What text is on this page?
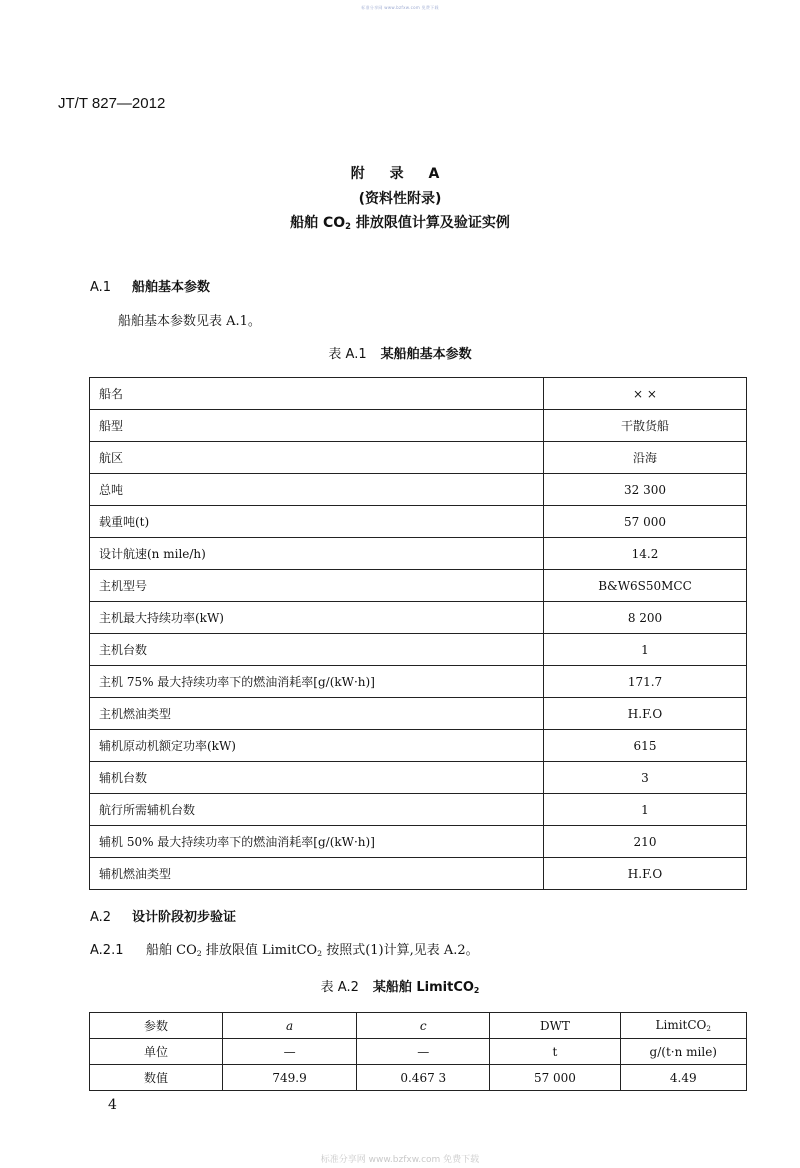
标准分享网 www.bzfxw.com 免费下载
JT/T 827—2012
附 录 A
(资料性附录)
船舶 $CO_2$ 排放限值计算及验证实例
A.1 船舶基本参数
船舶基本参数见表 A.1。
表 A.1 某船舶基本参数
船名	× ×
船型	干散货船
航区	沿海
总吨	32 300
载重吨(t)	57 000
设计航速(n mile/h)	14.2
主机型号	B&W6S50MCC
主机最大持续功率(kW)	8 200
主机台数	1
主机 75% 最大持续功率下的燃油消耗率[g/(kW·h)]	171.7
主机燃油类型	H.F.O
辅机原动机额定功率(kW)	615
辅机台数	3
航行所需辅机台数	1
辅机 50% 最大持续功率下的燃油消耗率[g/(kW·h)]	210
辅机燃油类型	H.F.O
A.2 设计阶段初步验证
A.2.1 船舶 $CO_2$ 排放限值 LimitCO$_2$ 按照式(1)计算,见表 A.2。
表 A.2 某船舶 LimitCO$_2$
参数	a	c	DWT	LimitCO$_2$
单位	—	—	t	g/(t·n mile)
数值	749.9	0.467 3	57 000	4.49
4
标准分享网 www.bzfxw.com 免费下载
